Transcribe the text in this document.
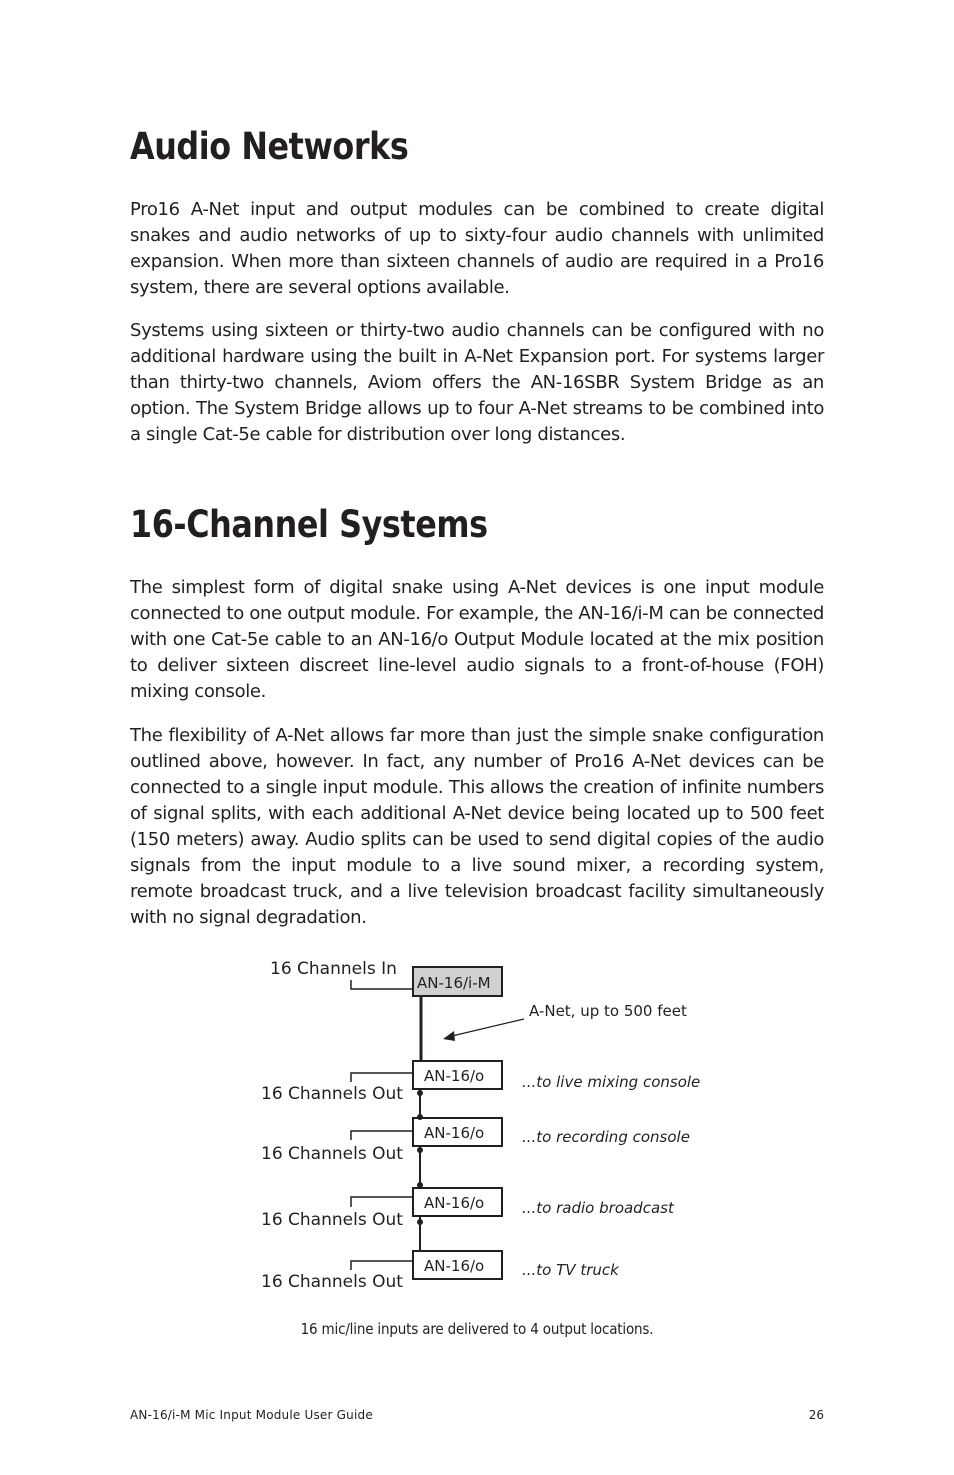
Audio Networks

Pro16 A-Net input and output modules can be combined to create digital snakes and audio networks of up to sixty-four audio channels with unlimited expansion. When more than sixteen channels of audio are required in a Pro16 system, there are several options available.

Systems using sixteen or thirty-two audio channels can be configured with no additional hardware using the built in A-Net Expansion port. For systems larger than thirty-two channels, Aviom offers the AN-16SBR System Bridge as an option. The System Bridge allows up to four A-Net streams to be combined into a single Cat-5e cable for distribution over long distances.

16-Channel Systems

The simplest form of digital snake using A-Net devices is one input module connected to one output module. For example, the AN-16/i-M can be connected with one Cat-5e cable to an AN-16/o Output Module located at the mix position to deliver sixteen discreet line-level audio signals to a front-of-house (FOH) mixing console.

The flexibility of A-Net allows far more than just the simple snake configuration outlined above, however. In fact, any number of Pro16 A-Net devices can be connected to a single input module. This allows the creation of infinite numbers of signal splits, with each additional A-Net device being located up to 500 feet (150 meters) away. Audio splits can be used to send digital copies of the audio signals from the input module to a live sound mixer, a recording system, remote broadcast truck, and a live television broadcast facility simultaneously with no signal degradation.

16 Channels In
AN-16/i-M
A-Net, up to 500 feet
AN-16/o
16 Channels Out
...to live mixing console
AN-16/o
16 Channels Out
...to recording console
AN-16/o
16 Channels Out
...to radio broadcast
AN-16/o
16 Channels Out
...to TV truck

16 mic/line inputs are delivered to 4 output locations.

AN-16/i-M Mic Input Module User Guide	26
